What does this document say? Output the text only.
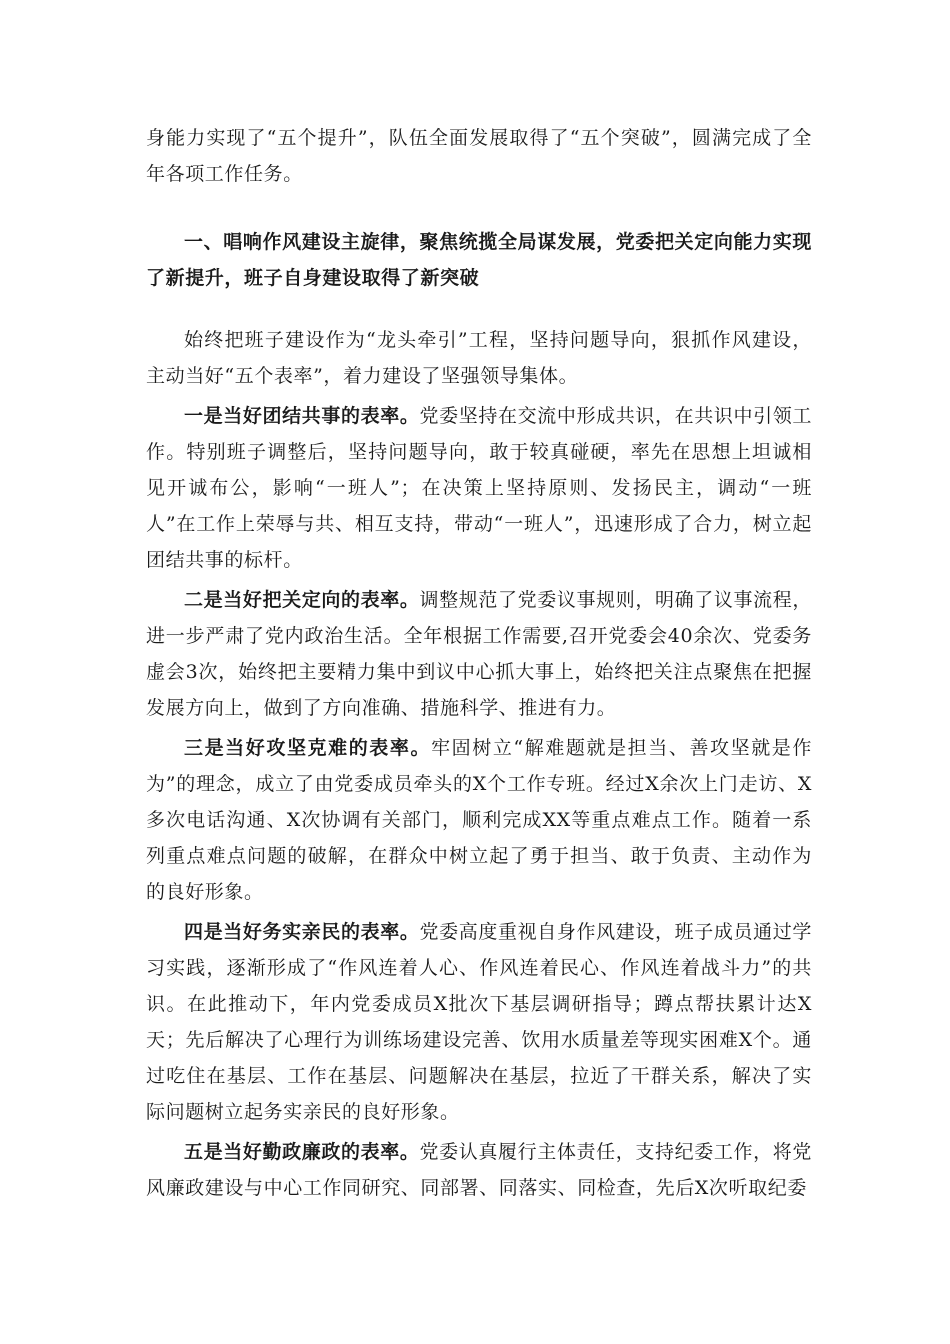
身能力实现了“五个提升”，队伍全面发展取得了“五个突破”，圆满完成了全年各项工作任务。

一、唱响作风建设主旋律，聚焦统揽全局谋发展，党委把关定向能力实现了新提升，班子自身建设取得了新突破

始终把班子建设作为“龙头牵引”工程，坚持问题导向，狠抓作风建设，主动当好“五个表率”，着力建设了坚强领导集体。

一是当好团结共事的表率。党委坚持在交流中形成共识，在共识中引领工作。特别班子调整后，坚持问题导向，敢于较真碰硬，率先在思想上坦诚相见开诚布公，影响“一班人”；在决策上坚持原则、发扬民主，调动“一班人”在工作上荣辱与共、相互支持，带动“一班人”，迅速形成了合力，树立起团结共事的标杆。

二是当好把关定向的表率。调整规范了党委议事规则，明确了议事流程，进一步严肃了党内政治生活。全年根据工作需要,召开党委会40余次、党委务虚会3次，始终把主要精力集中到议中心抓大事上，始终把关注点聚焦在把握发展方向上，做到了方向准确、措施科学、推进有力。

三是当好攻坚克难的表率。牢固树立“解难题就是担当、善攻坚就是作为”的理念，成立了由党委成员牵头的X个工作专班。经过X余次上门走访、X多次电话沟通、X次协调有关部门，顺利完成XX等重点难点工作。随着一系列重点难点问题的破解，在群众中树立起了勇于担当、敢于负责、主动作为的良好形象。

四是当好务实亲民的表率。党委高度重视自身作风建设，班子成员通过学习实践，逐渐形成了“作风连着人心、作风连着民心、作风连着战斗力”的共识。在此推动下，年内党委成员X批次下基层调研指导；蹲点帮扶累计达X天；先后解决了心理行为训练场建设完善、饮用水质量差等现实困难X个。通过吃住在基层、工作在基层、问题解决在基层，拉近了干群关系，解决了实际问题树立起务实亲民的良好形象。

五是当好勤政廉政的表率。党委认真履行主体责任，支持纪委工作，将党风廉政建设与中心工作同研究、同部署、同落实、同检查，先后X次听取纪委
